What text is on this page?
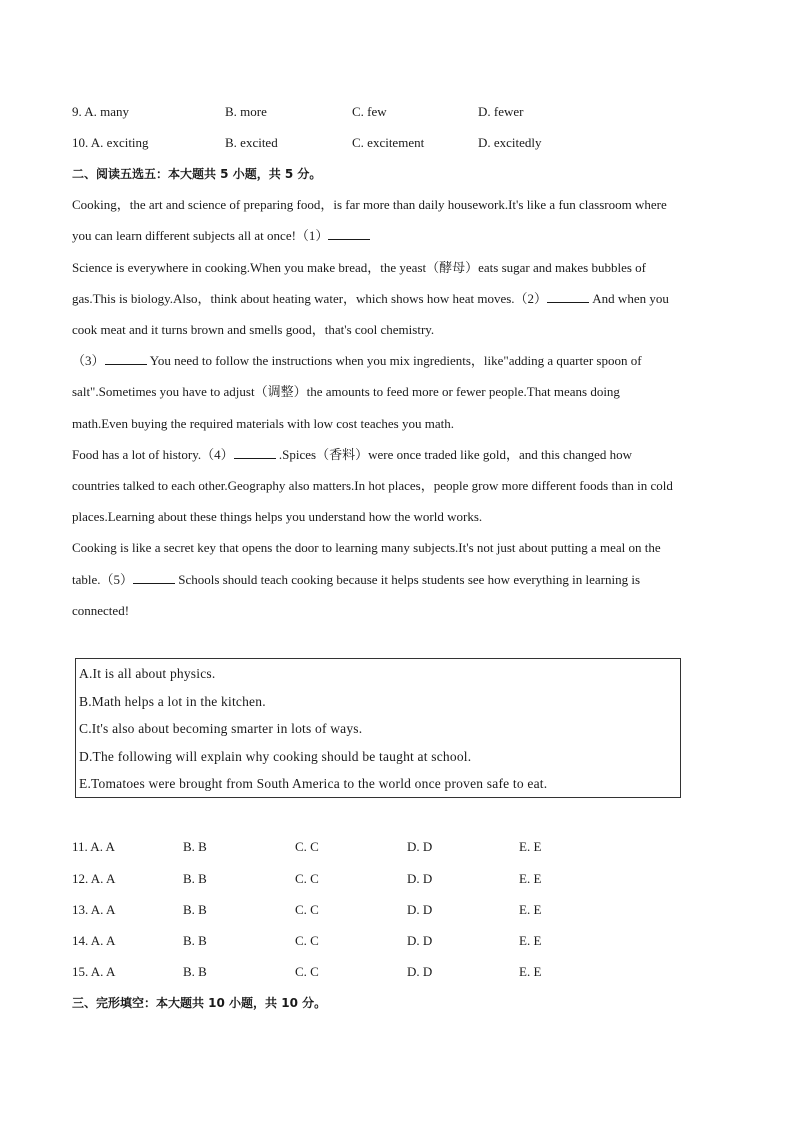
9. A. many	B. more	C. few	D. fewer
10. A. exciting	B. excited	C. excitement	D. excitedly
二、阅读五选五：本大题共 5 小题，共 5 分。
Cooking，the art and science of preparing food，is far more than daily housework.It's like a fun classroom where
you can learn different subjects all at once!（1）
Science is everywhere in cooking.When you make bread，the yeast（酵母）eats sugar and makes bubbles of
gas.This is biology.Also，think about heating water，which shows how heat moves.（2）	And when you
cook meat and it turns brown and smells good，that's cool chemistry.
（3）	You need to follow the instructions when you mix ingredients，like"adding a quarter spoon of
salt".Sometimes you have to adjust（调整）the amounts to feed more or fewer people.That means doing
math.Even buying the required materials with low cost teaches you math.
Food has a lot of history.（4）	.Spices（香料）were once traded like gold，and this changed how
countries talked to each other.Geography also matters.In hot places，people grow more different foods than in cold
places.Learning about these things helps you understand how the world works.
Cooking is like a secret key that opens the door to learning many subjects.It's not just about putting a meal on the
table.（5）	Schools should teach cooking because it helps students see how everything in learning is
connected!
A.It is all about physics.
B.Math helps a lot in the kitchen.
C.It's also about becoming smarter in lots of ways.
D.The following will explain why cooking should be taught at school.
E.Tomatoes were brought from South America to the world once proven safe to eat.
11. A. A	B. B	C. C	D. D	E. E
12. A. A	B. B	C. C	D. D	E. E
13. A. A	B. B	C. C	D. D	E. E
14. A. A	B. B	C. C	D. D	E. E
15. A. A	B. B	C. C	D. D	E. E
三、完形填空：本大题共 10 小题，共 10 分。
